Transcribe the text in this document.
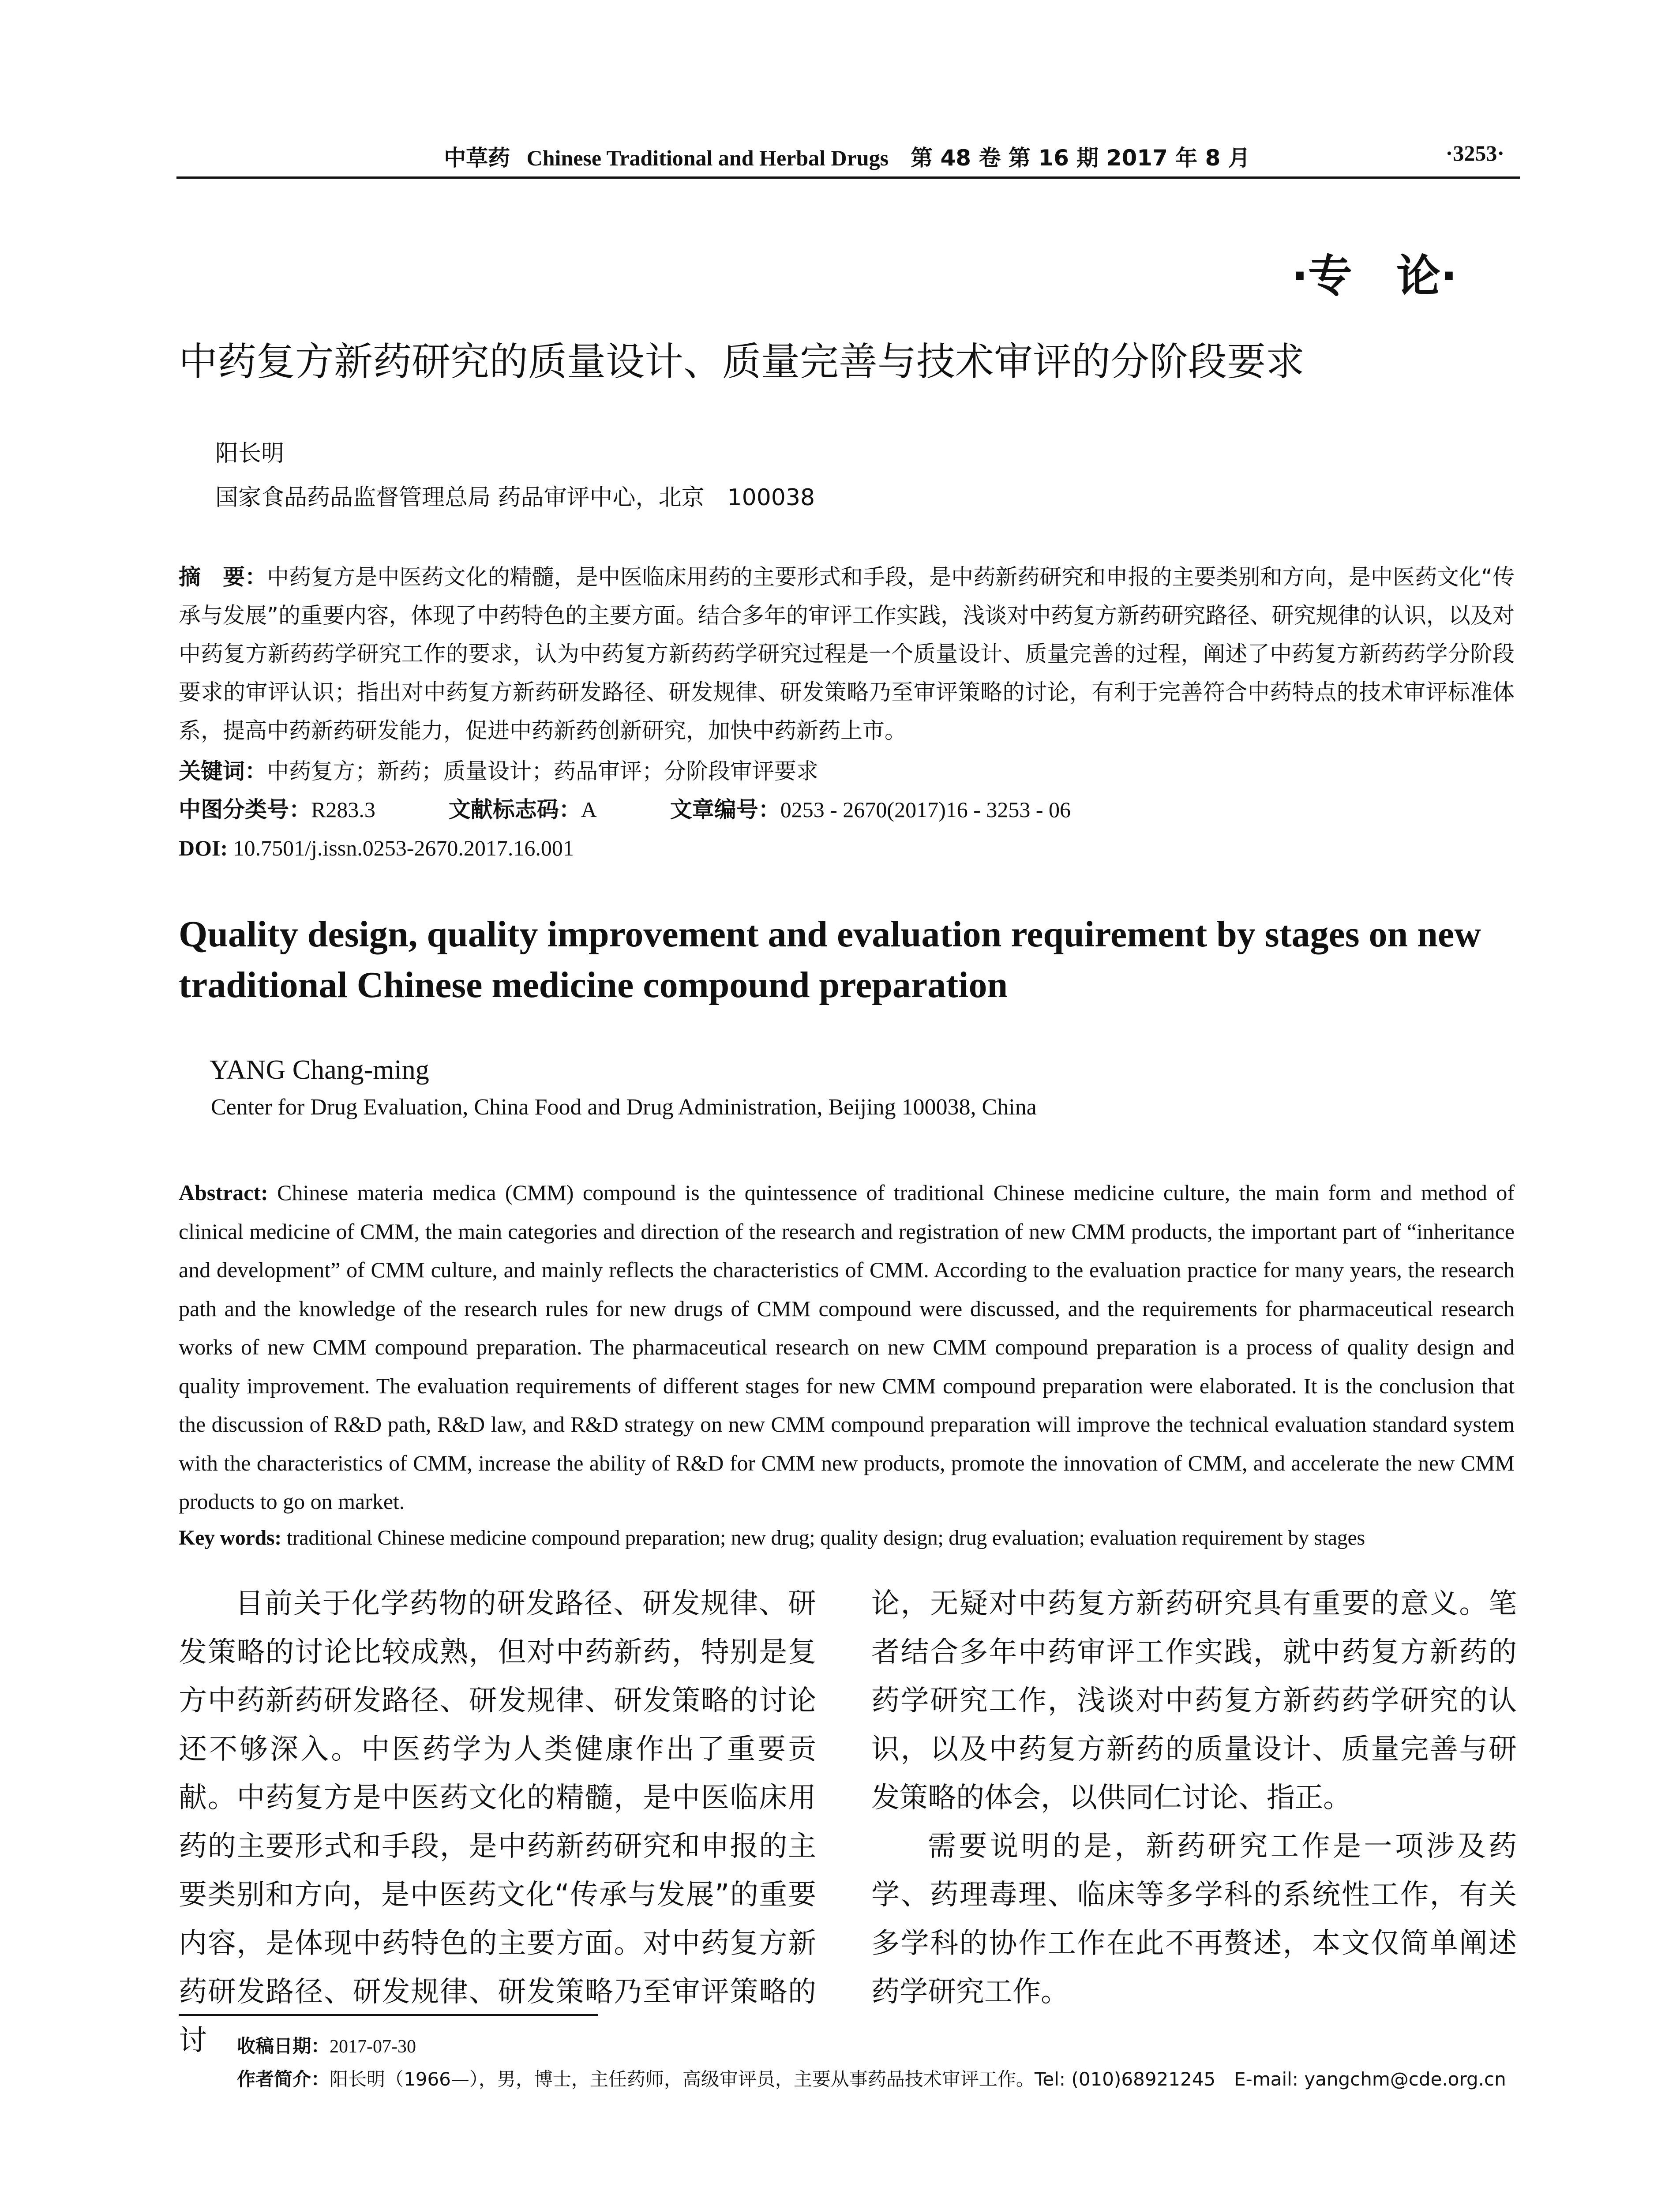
中草药 Chinese Traditional and Herbal Drugs 第 48 卷 第 16 期 2017 年 8 月	·3253·
·专　论·
中药复方新药研究的质量设计、质量完善与技术审评的分阶段要求
阳长明
国家食品药品监督管理总局 药品审评中心，北京　100038
摘　要：中药复方是中医药文化的精髓，是中医临床用药的主要形式和手段，是中药新药研究和申报的主要类别和方向，是中医药文化“传承与发展”的重要内容，体现了中药特色的主要方面。结合多年的审评工作实践，浅谈对中药复方新药研究路径、研究规律的认识，以及对中药复方新药药学研究工作的要求，认为中药复方新药药学研究过程是一个质量设计、质量完善的过程，阐述了中药复方新药药学分阶段要求的审评认识；指出对中药复方新药研发路径、研发规律、研发策略乃至审评策略的讨论，有利于完善符合中药特点的技术审评标准体系，提高中药新药研发能力，促进中药新药创新研究，加快中药新药上市。
关键词：中药复方；新药；质量设计；药品审评；分阶段审评要求
中图分类号：R283.3	文献标志码：A	文章编号：0253 - 2670(2017)16 - 3253 - 06
DOI: 10.7501/j.issn.0253-2670.2017.16.001
Quality design, quality improvement and evaluation requirement by stages on new traditional Chinese medicine compound preparation
YANG Chang-ming
Center for Drug Evaluation, China Food and Drug Administration, Beijing 100038, China
Abstract: Chinese materia medica (CMM) compound is the quintessence of traditional Chinese medicine culture, the main form and method of clinical medicine of CMM, the main categories and direction of the research and registration of new CMM products, the important part of “inheritance and development” of CMM culture, and mainly reflects the characteristics of CMM. According to the evaluation practice for many years, the research path and the knowledge of the research rules for new drugs of CMM compound were discussed, and the requirements for pharmaceutical research works of new CMM compound preparation. The pharmaceutical research on new CMM compound preparation is a process of quality design and quality improvement. The evaluation requirements of different stages for new CMM compound preparation were elaborated. It is the conclusion that the discussion of R&D path, R&D law, and R&D strategy on new CMM compound preparation will improve the technical evaluation standard system with the characteristics of CMM, increase the ability of R&D for CMM new products, promote the innovation of CMM, and accelerate the new CMM products to go on market.
Key words: traditional Chinese medicine compound preparation; new drug; quality design; drug evaluation; evaluation requirement by stages

目前关于化学药物的研发路径、研发规律、研发策略的讨论比较成熟，但对中药新药，特别是复方中药新药研发路径、研发规律、研发策略的讨论还不够深入。中医药学为人类健康作出了重要贡献。中药复方是中医药文化的精髓，是中医临床用药的主要形式和手段，是中药新药研究和申报的主要类别和方向，是中医药文化“传承与发展”的重要内容，是体现中药特色的主要方面。对中药复方新药研发路径、研发规律、研发策略乃至审评策略的讨

论，无疑对中药复方新药研究具有重要的意义。笔者结合多年中药审评工作实践，就中药复方新药的药学研究工作，浅谈对中药复方新药药学研究的认识，以及中药复方新药的质量设计、质量完善与研发策略的体会，以供同仁讨论、指正。

需要说明的是，新药研究工作是一项涉及药学、药理毒理、临床等多学科的系统性工作，有关多学科的协作工作在此不再赘述，本文仅简单阐述药学研究工作。

收稿日期：2017-07-30
作者简介：阳长明（1966—），男，博士，主任药师，高级审评员，主要从事药品技术审评工作。Tel: (010)68921245　E-mail: yangchm@cde.org.cn
